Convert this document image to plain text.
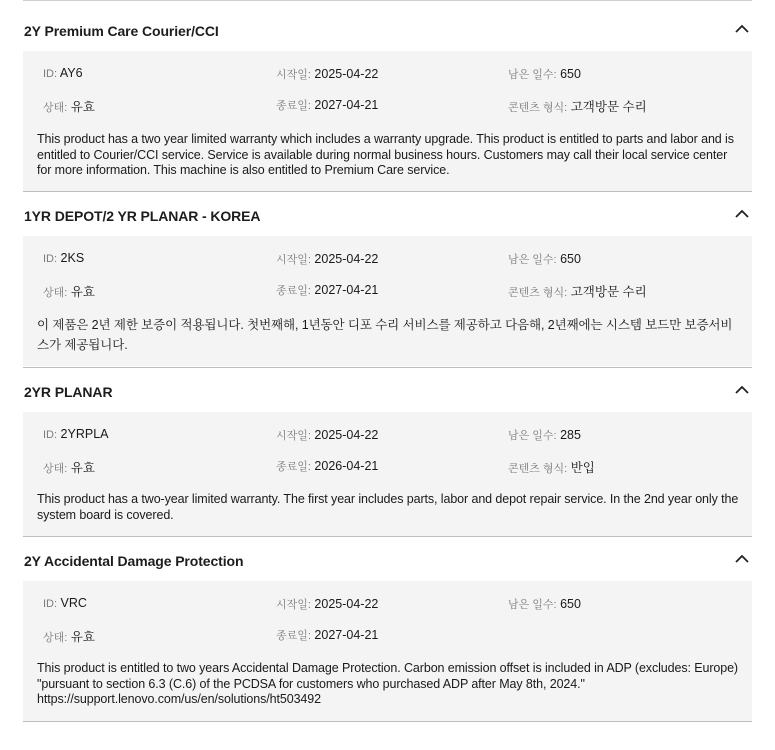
2Y Premium Care Courier/CCI
ID: AY6	시작일: 2025-04-22	남은 일수: 650
상태: 유효	종료일: 2027-04-21	콘텐츠 형식: 고객방문 수리
This product has a two year limited warranty which includes a warranty upgrade. This product is entitled to parts and labor and is entitled to Courier/CCI service. Service is available during normal business hours. Customers may call their local service center for more information. This machine is also entitled to Premium Care service.
1YR DEPOT/2 YR PLANAR - KOREA
ID: 2KS	시작일: 2025-04-22	남은 일수: 650
상태: 유효	종료일: 2027-04-21	콘텐츠 형식: 고객방문 수리
이 제품은 2년 제한 보증이 적용됩니다. 첫번째해, 1년동안 디포 수리 서비스를 제공하고 다음해, 2년째에는 시스템 보드만 보증서비스가 제공됩니다.
2YR PLANAR
ID: 2YRPLA	시작일: 2025-04-22	남은 일수: 285
상태: 유효	종료일: 2026-04-21	콘텐츠 형식: 반입
This product has a two-year limited warranty. The first year includes parts, labor and depot repair service. In the 2nd year only the system board is covered.
2Y Accidental Damage Protection
ID: VRC	시작일: 2025-04-22	남은 일수: 650
상태: 유효	종료일: 2027-04-21
This product is entitled to two years Accidental Damage Protection. Carbon emission offset is included in ADP (excludes: Europe) "pursuant to section 6.3 (C.6) of the PCDSA for customers who purchased ADP after May 8th, 2024." https://support.lenovo.com/us/en/solutions/ht503492
